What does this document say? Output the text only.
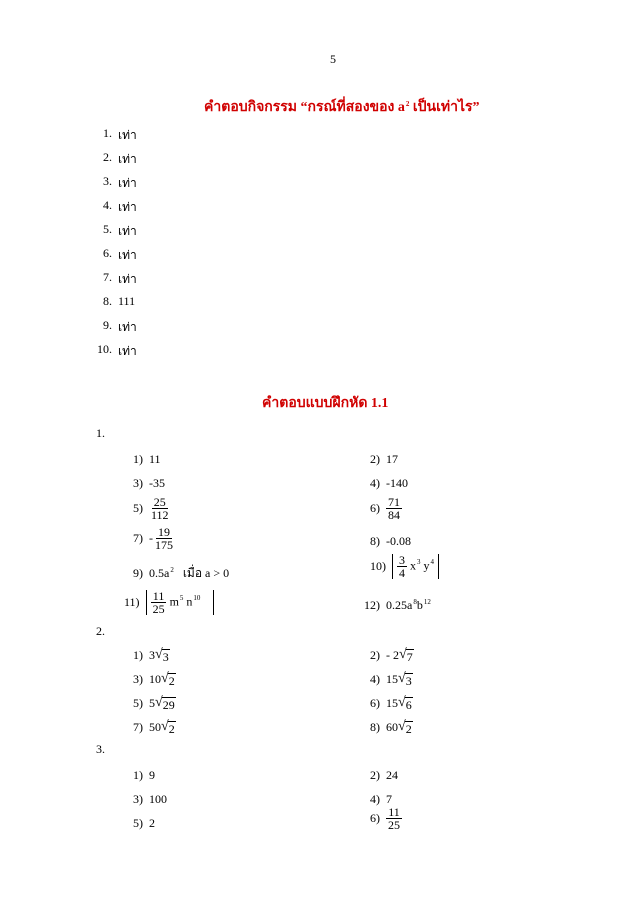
5
คำตอบกิจกรรม “กรณ์ที่สองของ $a^2$ เป็นเท่าไร”
1. เท่า
2. เท่า
3. เท่า
4. เท่า
5. เท่า
6. เท่า
7. เท่า
8. 111
9. เท่า
10. เท่า
คำตอบแบบฝึกหัด 1.1
1.
1) 11	2) 17
3) -35	4) -140
$5) \frac{25}{112}$	$6) \frac{71}{84}$
$7) - \frac{19}{175}$	8) -0.08
9) $0.5a^2$ เมื่อ a > 0	$10) \frac{3}{4} x^3$ $y^4$
$11) \frac{11}{25} m^5$ $n^{10}$	12) $0.25a^8b^{12}$
2.
1) 3 √ 3	2) - 2 √ 7
3) 10 √ 2	4) 15 √ 3
5) 5 √ 29	6) 15 √ 6
7) 50 √ 2	8) 60 √ 2
3.
1) 9	2) 24
3) 100	4) 7
5) 2	$6) \frac{11}{25}$
